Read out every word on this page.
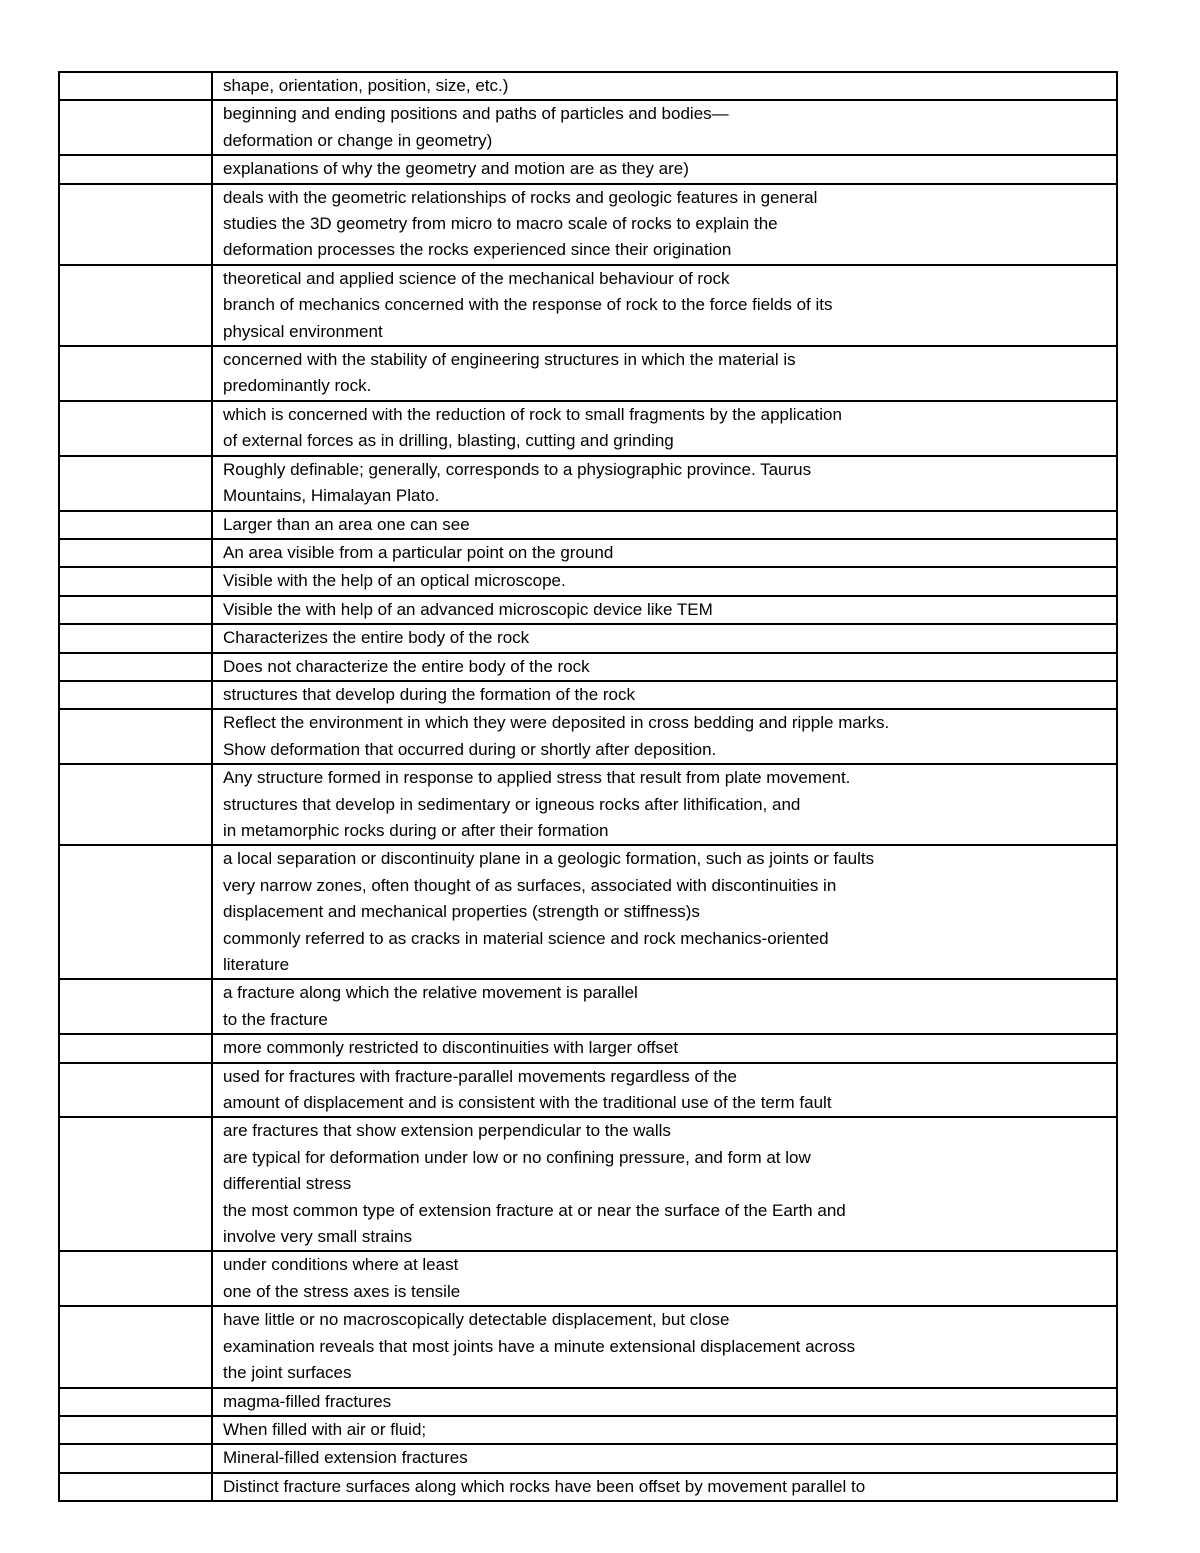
	shape, orientation, position, size, etc.)

	beginning and ending positions and paths of particles and bodies—
deformation or change in geometry)

	explanations of why the geometry and motion are as they are)

	deals with the geometric relationships of rocks and geologic features in general
studies the 3D geometry from micro to macro scale of rocks to explain the
deformation processes the rocks experienced since their origination

	theoretical and applied science of the mechanical behaviour of rock
branch of mechanics concerned with the response of rock to the force fields of its
physical environment

	concerned with the stability of engineering structures in which the material is
predominantly rock.

	which is concerned with the reduction of rock to small fragments by the application
of external forces as in drilling, blasting, cutting and grinding

	Roughly definable; generally, corresponds to a physiographic province. Taurus
Mountains, Himalayan Plato.

	Larger than an area one can see

	An area visible from a particular point on the ground

	Visible with the help of an optical microscope.

	Visible the with help of an advanced microscopic device like TEM

	Characterizes the entire body of the rock

	Does not characterize the entire body of the rock

	structures that develop during the formation of the rock

	Reflect the environment in which they were deposited in cross bedding and ripple marks.
Show deformation that occurred during or shortly after deposition.

	Any structure formed in response to applied stress that result from plate movement.
structures that develop in sedimentary or igneous rocks after lithification, and
in metamorphic rocks during or after their formation

	a local separation or discontinuity plane in a geologic formation, such as joints or faults
very narrow zones, often thought of as surfaces, associated with discontinuities in
displacement and mechanical properties (strength or stiffness)s
commonly referred to as cracks in material science and rock mechanics-oriented
literature

	a fracture along which the relative movement is parallel
to the fracture

	more commonly restricted to discontinuities with larger offset

	used for fractures with fracture-parallel movements regardless of the
amount of displacement and is consistent with the traditional use of the term fault

	are fractures that show extension perpendicular to the walls
are typical for deformation under low or no confining pressure, and form at low
differential stress
the most common type of extension fracture at or near the surface of the Earth and
involve very small strains

	under conditions where at least
one of the stress axes is tensile

	have little or no macroscopically detectable displacement, but close
examination reveals that most joints have a minute extensional displacement across
the joint surfaces

	magma-filled fractures

	When filled with air or fluid;

	Mineral-filled extension fractures

	Distinct fracture surfaces along which rocks have been offset by movement parallel to
